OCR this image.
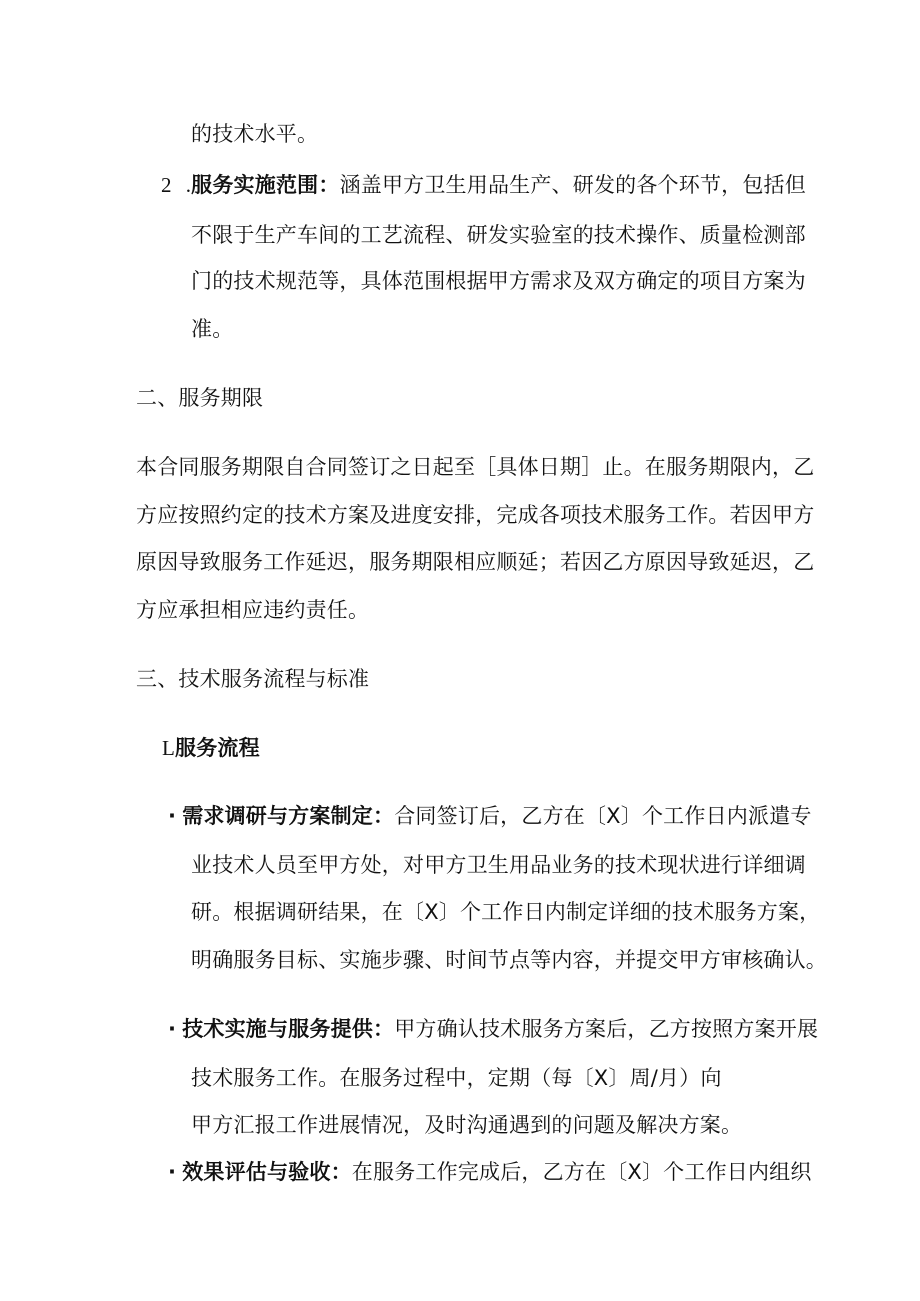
的技术水平。
2 .服务实施范围：涵盖甲方卫生用品生产、研发的各个环节，包括但
不限于生产车间的工艺流程、研发实验室的技术操作、质量检测部
门的技术规范等，具体范围根据甲方需求及双方确定的项目方案为
准。
二、服务期限
本合同服务期限自合同签订之日起至［具体日期］止。在服务期限内，乙
方应按照约定的技术方案及进度安排，完成各项技术服务工作。若因甲方
原因导致服务工作延迟，服务期限相应顺延；若因乙方原因导致延迟，乙
方应承担相应违约责任。
三、技术服务流程与标准
L服务流程
· 需求调研与方案制定：合同签订后，乙方在〔X〕个工作日内派遣专
业技术人员至甲方处，对甲方卫生用品业务的技术现状进行详细调
研。根据调研结果，在〔X〕个工作日内制定详细的技术服务方案，
明确服务目标、实施步骤、时间节点等内容，并提交甲方审核确认。
· 技术实施与服务提供：甲方确认技术服务方案后，乙方按照方案开展
技术服务工作。在服务过程中，定期（每〔X〕周/月）向
甲方汇报工作进展情况，及时沟通遇到的问题及解决方案。
· 效果评估与验收：在服务工作完成后，乙方在〔X〕个工作日内组织
